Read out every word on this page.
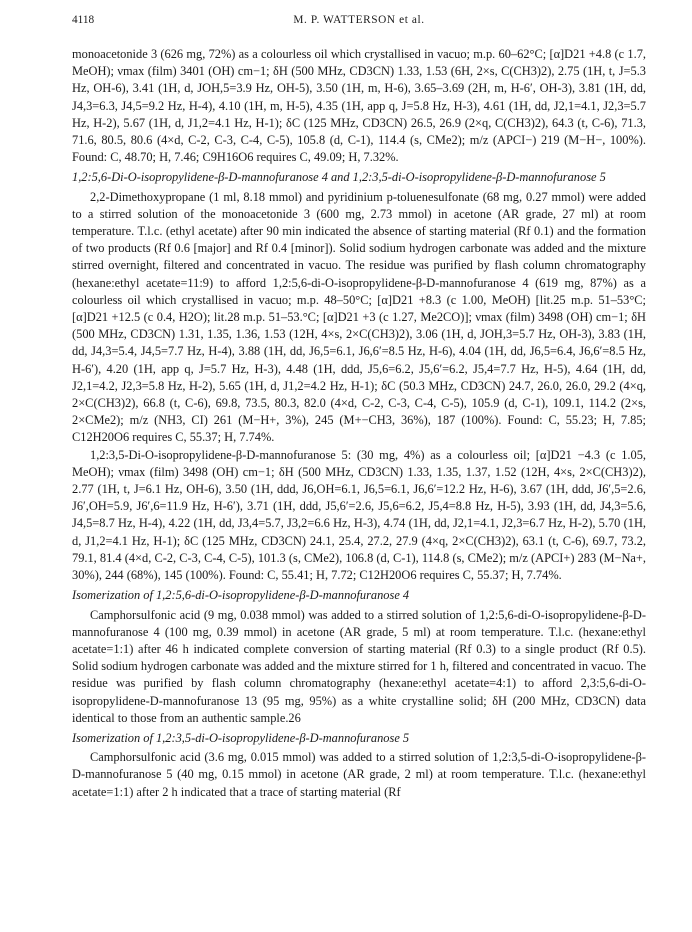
4118	M. P. WATTERSON et al.

monoacetonide 3 (626 mg, 72%) as a colourless oil which crystallised in vacuo; m.p. 60–62°C; [α]D21 +4.8 (c 1.7, MeOH); νmax (film) 3401 (OH) cm−1; δH (500 MHz, CD3CN) 1.33, 1.53 (6H, 2×s, C(CH3)2), 2.75 (1H, t, J=5.3 Hz, OH-6), 3.41 (1H, d, JOH,5=3.9 Hz, OH-5), 3.50 (1H, m, H-6), 3.65–3.69 (2H, m, H-6′, OH-3), 3.81 (1H, dd, J4,3=6.3, J4,5=9.2 Hz, H-4), 4.10 (1H, m, H-5), 4.35 (1H, app q, J=5.8 Hz, H-3), 4.61 (1H, dd, J2,1=4.1, J2,3=5.7 Hz, H-2), 5.67 (1H, d, J1,2=4.1 Hz, H-1); δC (125 MHz, CD3CN) 26.5, 26.9 (2×q, C(CH3)2), 64.3 (t, C-6), 71.3, 71.6, 80.5, 80.6 (4×d, C-2, C-3, C-4, C-5), 105.8 (d, C-1), 114.4 (s, CMe2); m/z (APCI−) 219 (M−H−, 100%). Found: C, 48.70; H, 7.46; C9H16O6 requires C, 49.09; H, 7.32%.

1,2:5,6-Di-O-isopropylidene-β-D-mannofuranose 4 and 1,2:3,5-di-O-isopropylidene-β-D-mannofuranose 5

2,2-Dimethoxypropane (1 ml, 8.18 mmol) and pyridinium p-toluenesulfonate (68 mg, 0.27 mmol) were added to a stirred solution of the monoacetonide 3 (600 mg, 2.73 mmol) in acetone (AR grade, 27 ml) at room temperature. T.l.c. (ethyl acetate) after 90 min indicated the absence of starting material (Rf 0.1) and the formation of two products (Rf 0.6 [major] and Rf 0.4 [minor]). Solid sodium hydrogen carbonate was added and the mixture stirred overnight, filtered and concentrated in vacuo. The residue was purified by flash column chromatography (hexane:ethyl acetate=11:9) to afford 1,2:5,6-di-O-isopropylidene-β-D-mannofuranose 4 (619 mg, 87%) as a colourless oil which crystallised in vacuo; m.p. 48–50°C; [α]D21 +8.3 (c 1.00, MeOH) [lit.25 m.p. 51–53°C; [α]D21 +12.5 (c 0.4, H2O); lit.28 m.p. 51–53.°C; [α]D21 +3 (c 1.27, Me2CO)]; νmax (film) 3498 (OH) cm−1; δH (500 MHz, CD3CN) 1.31, 1.35, 1.36, 1.53 (12H, 4×s, 2×C(CH3)2), 3.06 (1H, d, JOH,3=5.7 Hz, OH-3), 3.83 (1H, dd, J4,3=5.4, J4,5=7.7 Hz, H-4), 3.88 (1H, dd, J6,5=6.1, J6,6′=8.5 Hz, H-6), 4.04 (1H, dd, J6,5=6.4, J6,6′=8.5 Hz, H-6′), 4.20 (1H, app q, J=5.7 Hz, H-3), 4.48 (1H, ddd, J5,6=6.2, J5,6′=6.2, J5,4=7.7 Hz, H-5), 4.64 (1H, dd, J2,1=4.2, J2,3=5.8 Hz, H-2), 5.65 (1H, d, J1,2=4.2 Hz, H-1); δC (50.3 MHz, CD3CN) 24.7, 26.0, 26.0, 29.2 (4×q, 2×C(CH3)2), 66.8 (t, C-6), 69.8, 73.5, 80.3, 82.0 (4×d, C-2, C-3, C-4, C-5), 105.9 (d, C-1), 109.1, 114.2 (2×s, 2×CMe2); m/z (NH3, CI) 261 (M−H+, 3%), 245 (M+−CH3, 36%), 187 (100%). Found: C, 55.23; H, 7.85; C12H20O6 requires C, 55.37; H, 7.74%.

1,2:3,5-Di-O-isopropylidene-β-D-mannofuranose 5: (30 mg, 4%) as a colourless oil; [α]D21 −4.3 (c 1.05, MeOH); νmax (film) 3498 (OH) cm−1; δH (500 MHz, CD3CN) 1.33, 1.35, 1.37, 1.52 (12H, 4×s, 2×C(CH3)2), 2.77 (1H, t, J=6.1 Hz, OH-6), 3.50 (1H, ddd, J6,OH=6.1, J6,5=6.1, J6,6′=12.2 Hz, H-6), 3.67 (1H, ddd, J6′,5=2.6, J6′,OH=5.9, J6′,6=11.9 Hz, H-6′), 3.71 (1H, ddd, J5,6′=2.6, J5,6=6.2, J5,4=8.8 Hz, H-5), 3.93 (1H, dd, J4,3=5.6, J4,5=8.7 Hz, H-4), 4.22 (1H, dd, J3,4=5.7, J3,2=6.6 Hz, H-3), 4.74 (1H, dd, J2,1=4.1, J2,3=6.7 Hz, H-2), 5.70 (1H, d, J1,2=4.1 Hz, H-1); δC (125 MHz, CD3CN) 24.1, 25.4, 27.2, 27.9 (4×q, 2×C(CH3)2), 63.1 (t, C-6), 69.7, 73.2, 79.1, 81.4 (4×d, C-2, C-3, C-4, C-5), 101.3 (s, CMe2), 106.8 (d, C-1), 114.8 (s, CMe2); m/z (APCI+) 283 (M−Na+, 30%), 244 (68%), 145 (100%). Found: C, 55.41; H, 7.72; C12H20O6 requires C, 55.37; H, 7.74%.

Isomerization of 1,2:5,6-di-O-isopropylidene-β-D-mannofuranose 4

Camphorsulfonic acid (9 mg, 0.038 mmol) was added to a stirred solution of 1,2:5,6-di-O-isopropylidene-β-D-mannofuranose 4 (100 mg, 0.39 mmol) in acetone (AR grade, 5 ml) at room temperature. T.l.c. (hexane:ethyl acetate=1:1) after 46 h indicated complete conversion of starting material (Rf 0.3) to a single product (Rf 0.5). Solid sodium hydrogen carbonate was added and the mixture stirred for 1 h, filtered and concentrated in vacuo. The residue was purified by flash column chromatography (hexane:ethyl acetate=4:1) to afford 2,3:5,6-di-O-isopropylidene-D-mannofuranose 13 (95 mg, 95%) as a white crystalline solid; δH (200 MHz, CD3CN) data identical to those from an authentic sample.26

Isomerization of 1,2:3,5-di-O-isopropylidene-β-D-mannofuranose 5

Camphorsulfonic acid (3.6 mg, 0.015 mmol) was added to a stirred solution of 1,2:3,5-di-O-isopropylidene-β-D-mannofuranose 5 (40 mg, 0.15 mmol) in acetone (AR grade, 2 ml) at room temperature. T.l.c. (hexane:ethyl acetate=1:1) after 2 h indicated that a trace of starting material (Rf
